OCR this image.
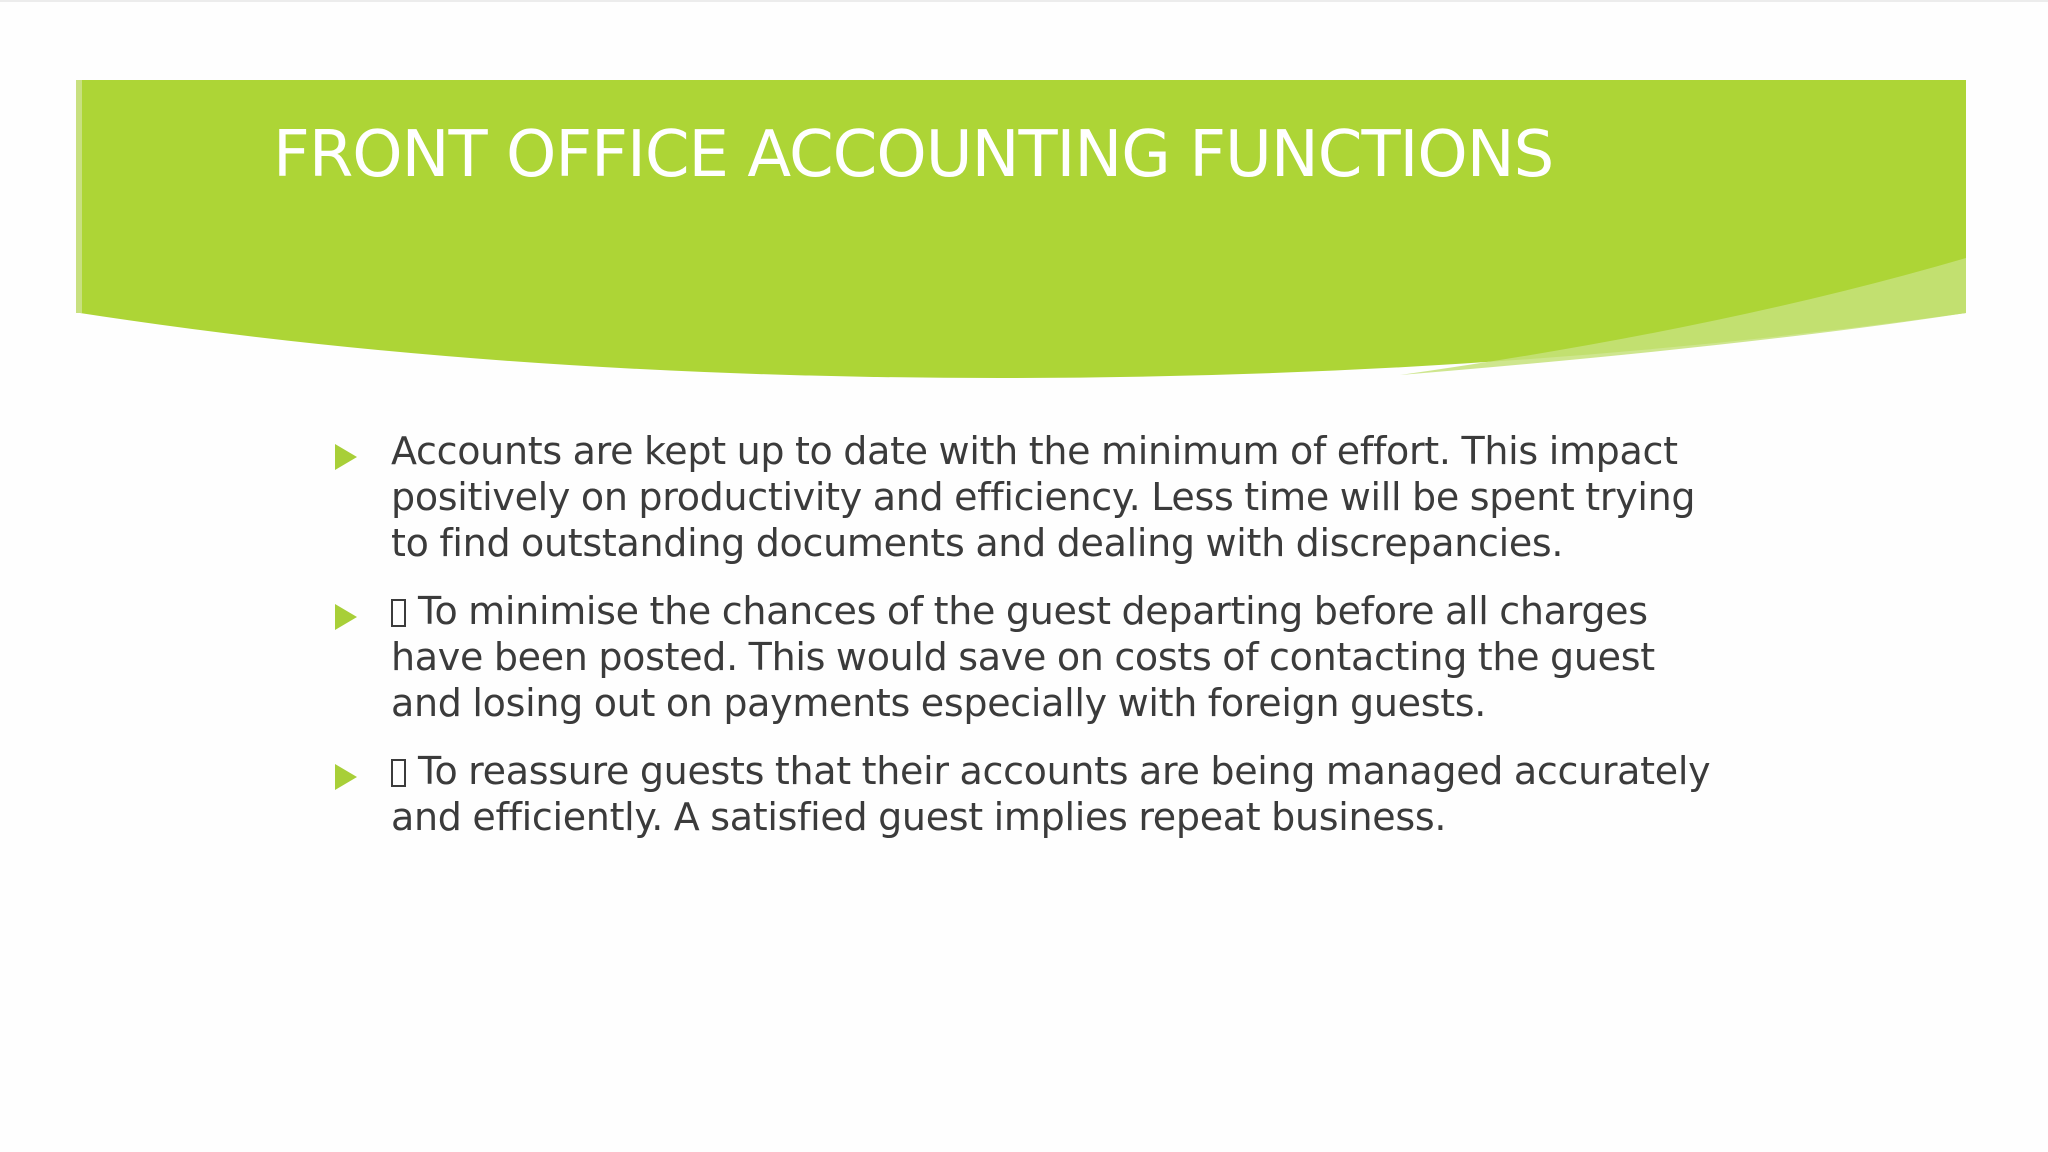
FRONT OFFICE ACCOUNTING FUNCTIONS
Accounts are kept up to date with the minimum of effort. This impact positively on productivity and efficiency. Less time will be spent trying to find outstanding documents and dealing with discrepancies.
To minimise the chances of the guest departing before all charges have been posted. This would save on costs of contacting the guest and losing out on payments especially with foreign guests.
To reassure guests that their accounts are being managed accurately and efficiently. A satisfied guest implies repeat business.
